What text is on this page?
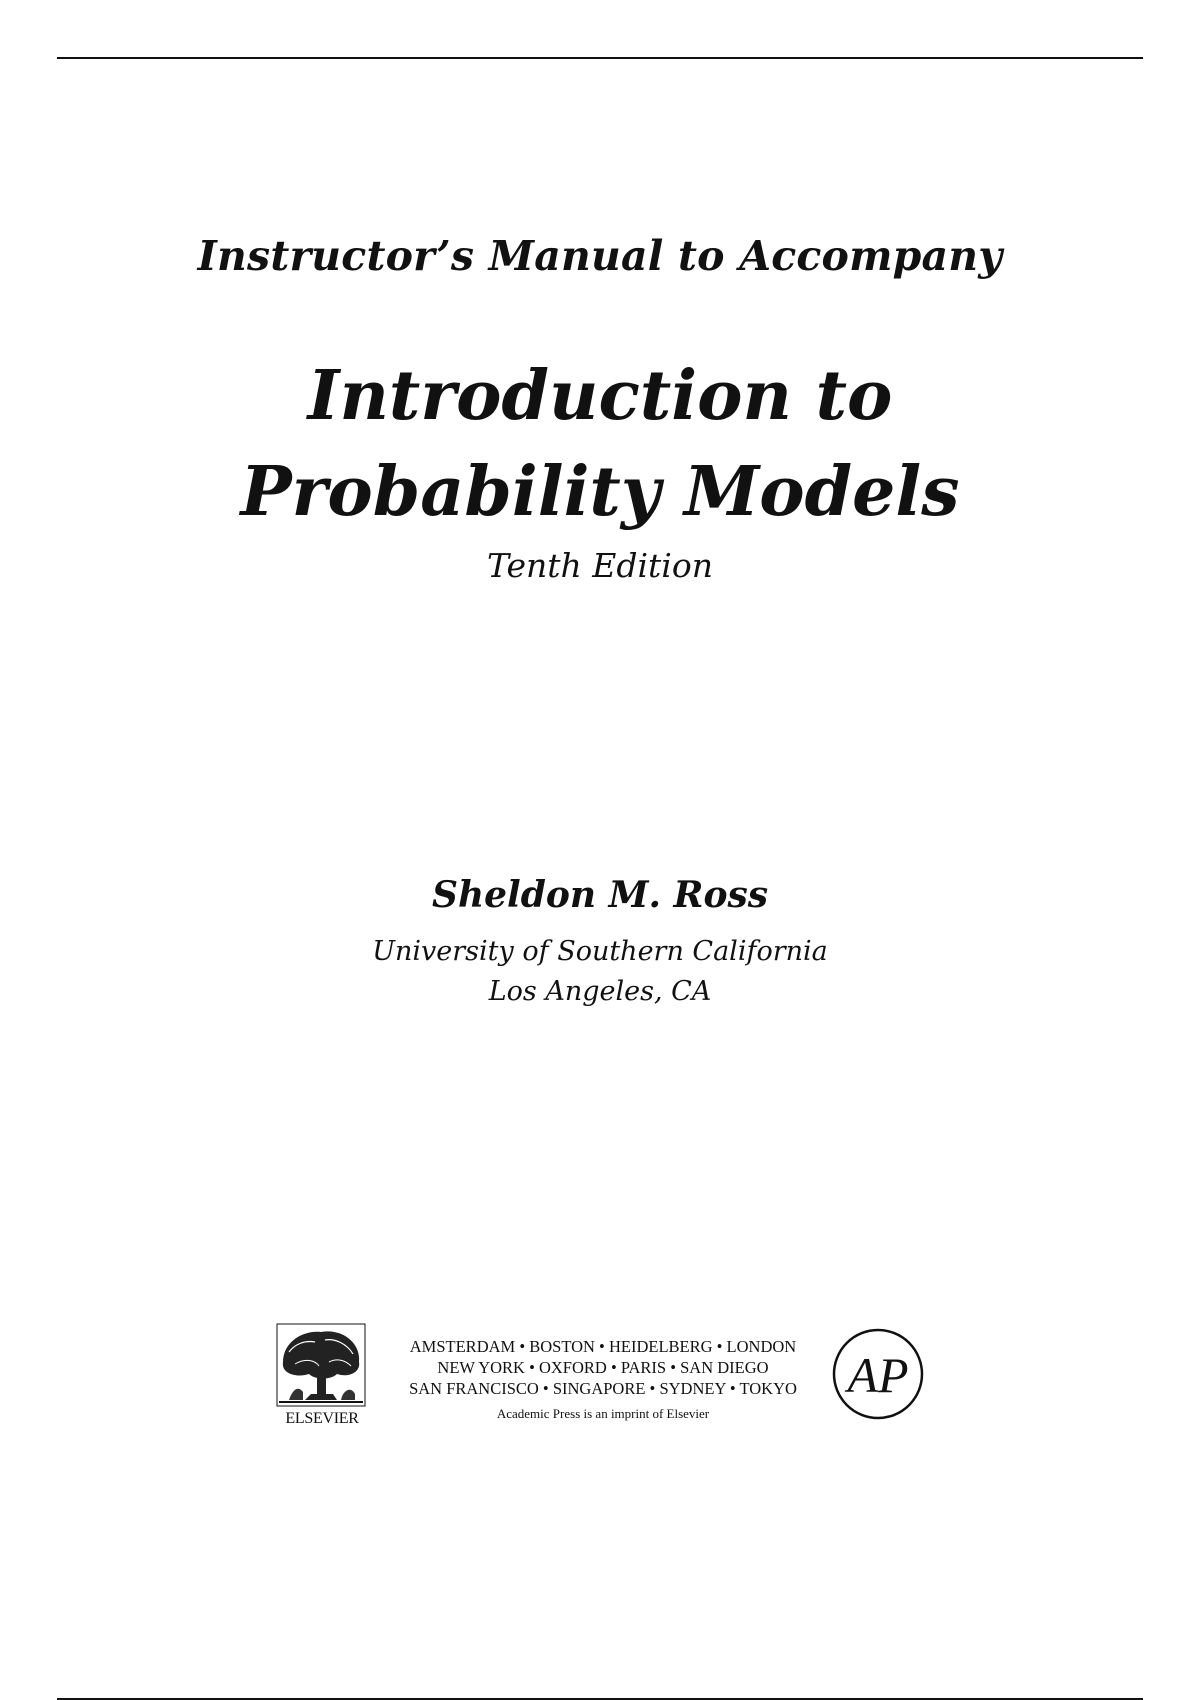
Instructor’s Manual to Accompany
Introduction to
Probability Models
Tenth Edition
Sheldon M. Ross
University of Southern California
Los Angeles, CA
ELSEVIER
AMSTERDAM • BOSTON • HEIDELBERG • LONDON
NEW YORK • OXFORD • PARIS • SAN DIEGO
SAN FRANCISCO • SINGAPORE • SYDNEY • TOKYO
Academic Press is an imprint of Elsevier
AP
